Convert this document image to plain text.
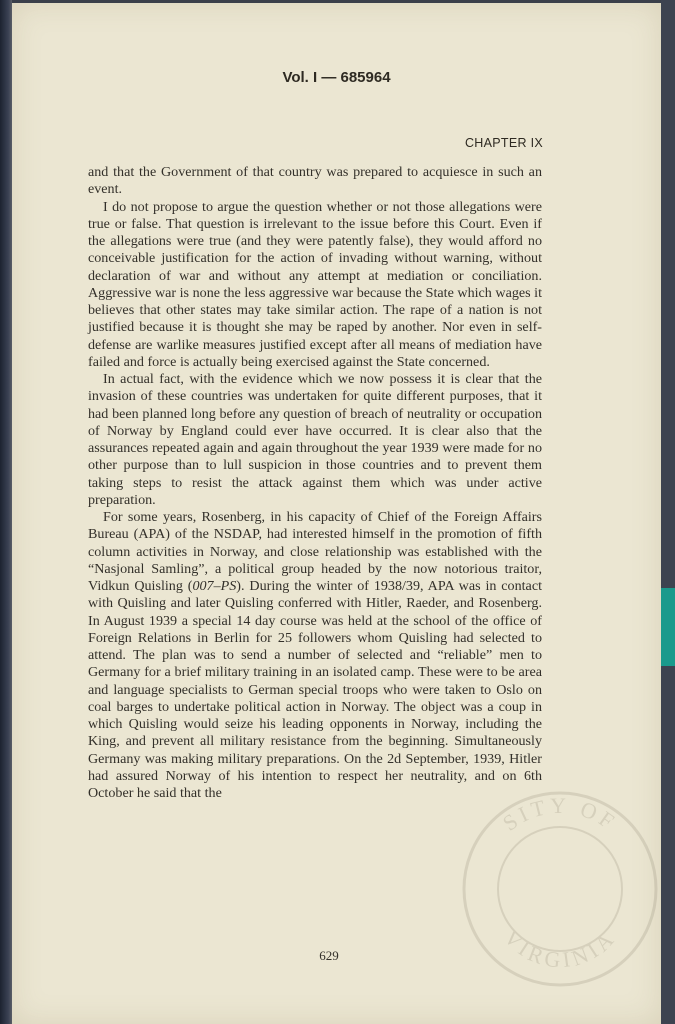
Vol. I — 685964
CHAPTER IX

and that the Government of that country was prepared to acquiesce in such an event.

I do not propose to argue the question whether or not those allegations were true or false. That question is irrelevant to the issue before this Court. Even if the allegations were true (and they were patently false), they would afford no conceivable justification for the action of invading without warning, without declaration of war and without any attempt at mediation or conciliation. Aggressive war is none the less aggressive war because the State which wages it believes that other states may take similar action. The rape of a nation is not justified because it is thought she may be raped by another. Nor even in self-defense are warlike measures justified except after all means of mediation have failed and force is actually being exercised against the State concerned.

In actual fact, with the evidence which we now possess it is clear that the invasion of these countries was undertaken for quite different purposes, that it had been planned long before any question of breach of neutrality or occupation of Norway by England could ever have occurred. It is clear also that the assurances repeated again and again throughout the year 1939 were made for no other purpose than to lull suspicion in those countries and to prevent them taking steps to resist the attack against them which was under active preparation.

For some years, Rosenberg, in his capacity of Chief of the Foreign Affairs Bureau (APA) of the NSDAP, had interested himself in the promotion of fifth column activities in Norway, and close relationship was established with the “Nasjonal Samling”, a political group headed by the now notorious traitor, Vidkun Quisling (007–PS). During the winter of 1938/39, APA was in contact with Quisling and later Quisling conferred with Hitler, Raeder, and Rosenberg. In August 1939 a special 14 day course was held at the school of the office of Foreign Relations in Berlin for 25 followers whom Quisling had selected to attend. The plan was to send a number of selected and “reliable” men to Germany for a brief military training in an isolated camp. These were to be area and language specialists to German special troops who were taken to Oslo on coal barges to undertake political action in Norway. The object was a coup in which Quisling would seize his leading opponents in Norway, including the King, and prevent all military resistance from the beginning. Simultaneously Germany was making military preparations. On the 2d September, 1939, Hitler had assured Norway of his intention to respect her neutrality, and on 6th October he said that the

629
SITY OF
VIRGINIA
